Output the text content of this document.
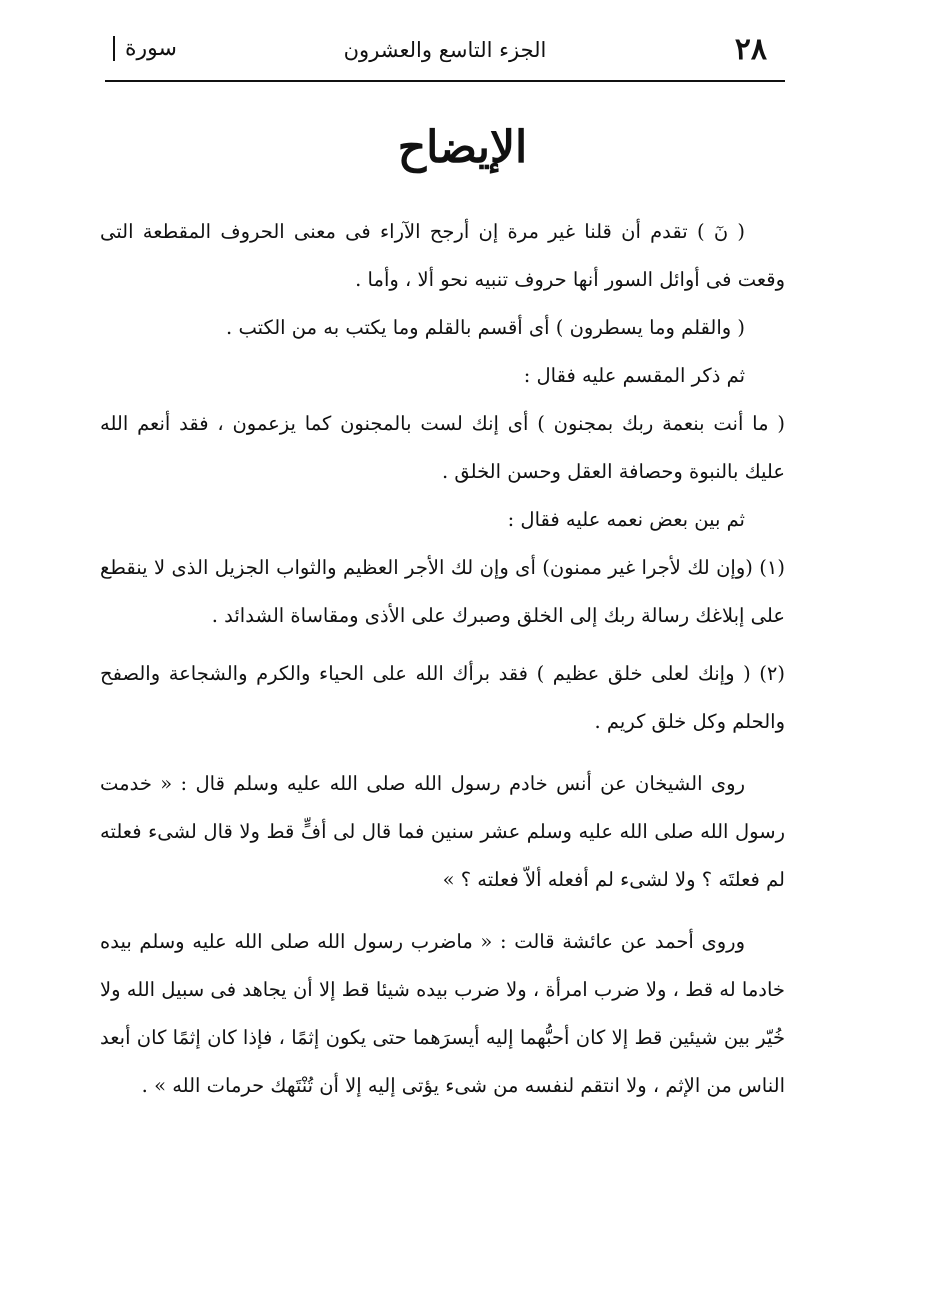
٢٨
الجزء التاسع والعشرون
سورة
الإيضاح

( نٓ ) تقدم أن قلنا غير مرة إن أرجح الآراء فى معنى الحروف المقطعة التى وقعت فى أوائل السور أنها حروف تنبيه نحو ألا ، وأما .

( والقلم وما يسطرون ) أى أقسم بالقلم وما يكتب به من الكتب .

ثم ذكر المقسم عليه فقال :

( ما أنت بنعمة ربك بمجنون ) أى إنك لست بالمجنون كما يزعمون ، فقد أنعم الله عليك بالنبوة وحصافة العقل وحسن الخلق .

ثم بين بعض نعمه عليه فقال :

(١) (وإن لك لأجرا غير ممنون) أى وإن لك الأجر العظيم والثواب الجزيل الذى لا ينقطع على إبلاغك رسالة ربك إلى الخلق وصبرك على الأذى ومقاساة الشدائد .

(٢) ( وإنك لعلى خلق عظيم ) فقد برأك الله على الحياء والكرم والشجاعة والصفح والحلم وكل خلق كريم .

روى الشيخان عن أنس خادم رسول الله صلى الله عليه وسلم قال : « خدمت رسول الله صلى الله عليه وسلم عشر سنين فما قال لى أفٍّ قط ولا قال لشىء فعلته لم فعلتَه ؟ ولا لشىء لم أفعله ألاّ فعلته ؟ »

وروى أحمد عن عائشة قالت : « ماضرب رسول الله صلى الله عليه وسلم بيده خادما له قط ، ولا ضرب امرأة ، ولا ضرب بيده شيئا قط إلا أن يجاهد فى سبيل الله ولا خُيّر بين شيئين قط إلا كان أحبُّهما إليه أيسرَهما حتى يكون إثمًا ، فإذا كان إثمًا كان أبعد الناس من الإثم ، ولا انتقم لنفسه من شىء يؤتى إليه إلا أن تُنْتَهك حرمات الله » .
